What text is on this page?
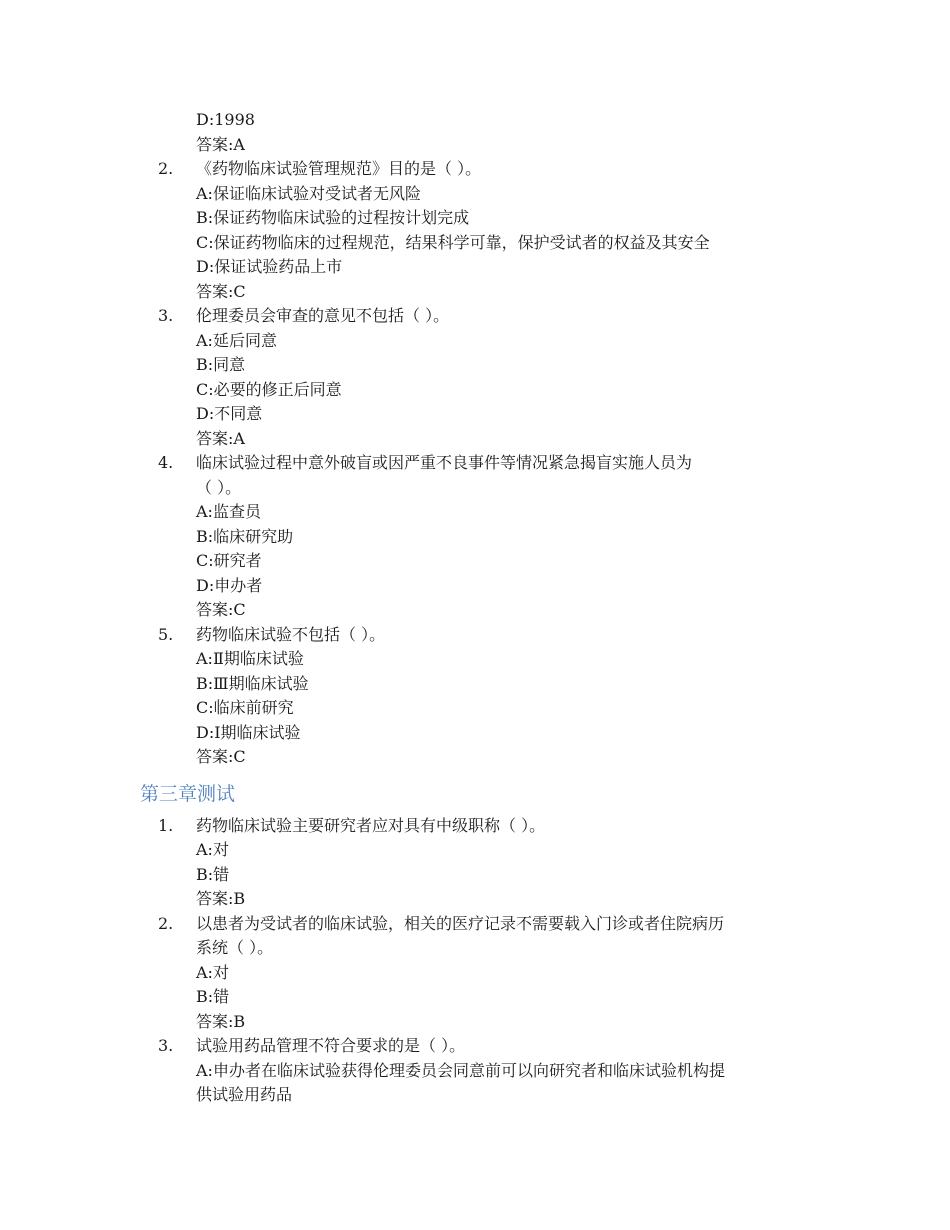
D:1998
答案:A
2.	《药物临床试验管理规范》目的是（ ）。
A:保证临床试验对受试者无风险
B:保证药物临床试验的过程按计划完成
C:保证药物临床的过程规范，结果科学可靠，保护受试者的权益及其安全
D:保证试验药品上市
答案:C
3.	伦理委员会审查的意见不包括（ ）。
A:延后同意
B:同意
C:必要的修正后同意
D:不同意
答案:A
4.	临床试验过程中意外破盲或因严重不良事件等情况紧急揭盲实施人员为
（ ）。
A:监查员
B:临床研究助
C:研究者
D:申办者
答案:C
5.	药物临床试验不包括（ ）。
A:Ⅱ期临床试验
B:Ⅲ期临床试验
C:临床前研究
D:Ⅰ期临床试验
答案:C
第三章测试
1.	药物临床试验主要研究者应对具有中级职称（ ）。
A:对
B:错
答案:B
2.	以患者为受试者的临床试验，相关的医疗记录不需要载入门诊或者住院病历
系统（ ）。
A:对
B:错
答案:B
3.	试验用药品管理不符合要求的是（ ）。
A:申办者在临床试验获得伦理委员会同意前可以向研究者和临床试验机构提
供试验用药品
